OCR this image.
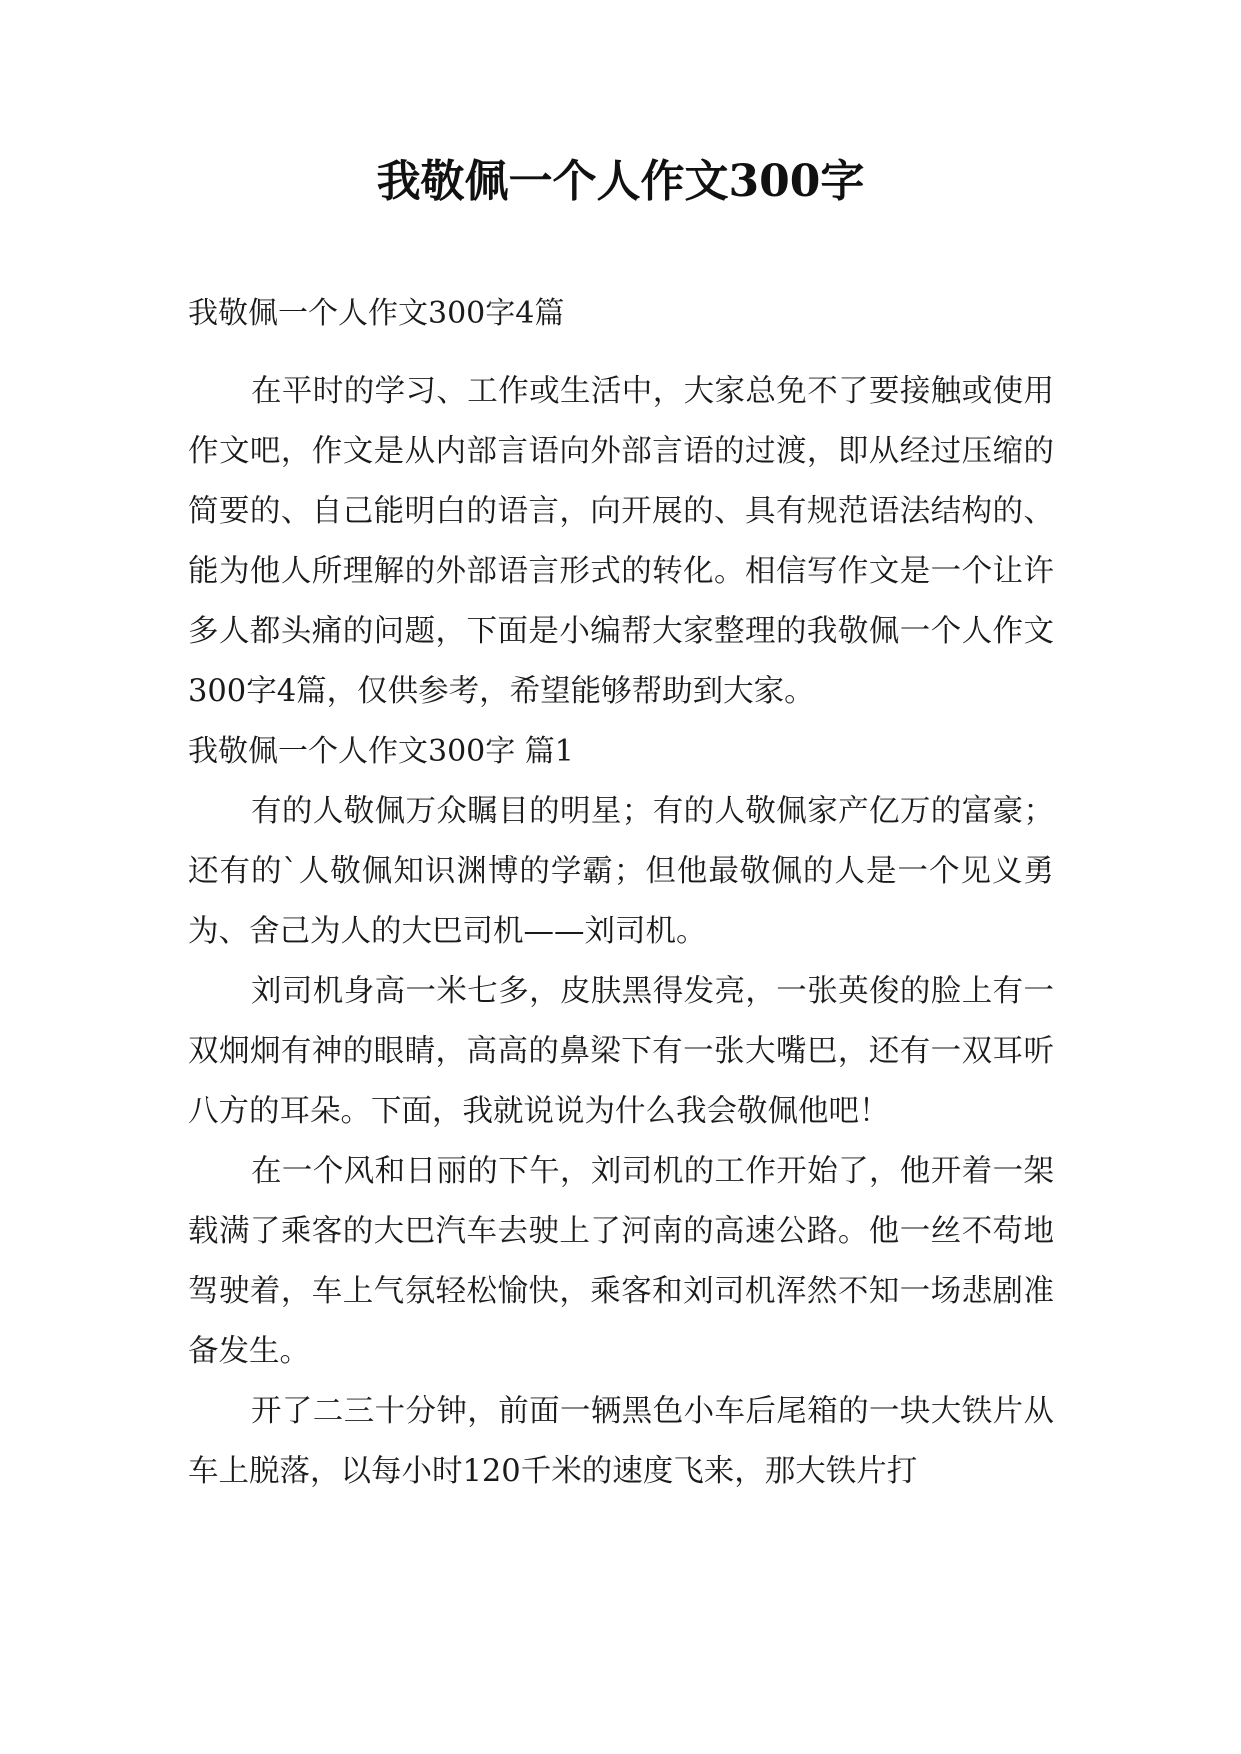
我敬佩一个人作文300字
我敬佩一个人作文300字4篇

在平时的学习、工作或生活中，大家总免不了要接触或使用作文吧，作文是从内部言语向外部言语的过渡，即从经过压缩的简要的、自己能明白的语言，向开展的、具有规范语法结构的、能为他人所理解的外部语言形式的转化。相信写作文是一个让许多人都头痛的问题，下面是小编帮大家整理的我敬佩一个人作文300字4篇，仅供参考，希望能够帮助到大家。

我敬佩一个人作文300字 篇1

有的人敬佩万众瞩目的明星；有的人敬佩家产亿万的富豪；还有的`人敬佩知识渊博的学霸；但他最敬佩的人是一个见义勇为、舍己为人的大巴司机——刘司机。

刘司机身高一米七多，皮肤黑得发亮，一张英俊的脸上有一双炯炯有神的眼睛，高高的鼻梁下有一张大嘴巴，还有一双耳听八方的耳朵。下面，我就说说为什么我会敬佩他吧！

在一个风和日丽的下午，刘司机的工作开始了，他开着一架载满了乘客的大巴汽车去驶上了河南的高速公路。他一丝不苟地驾驶着，车上气氛轻松愉快，乘客和刘司机浑然不知一场悲剧准备发生。

开了二三十分钟，前面一辆黑色小车后尾箱的一块大铁片从车上脱落，以每小时120千米的速度飞来，那大铁片打
